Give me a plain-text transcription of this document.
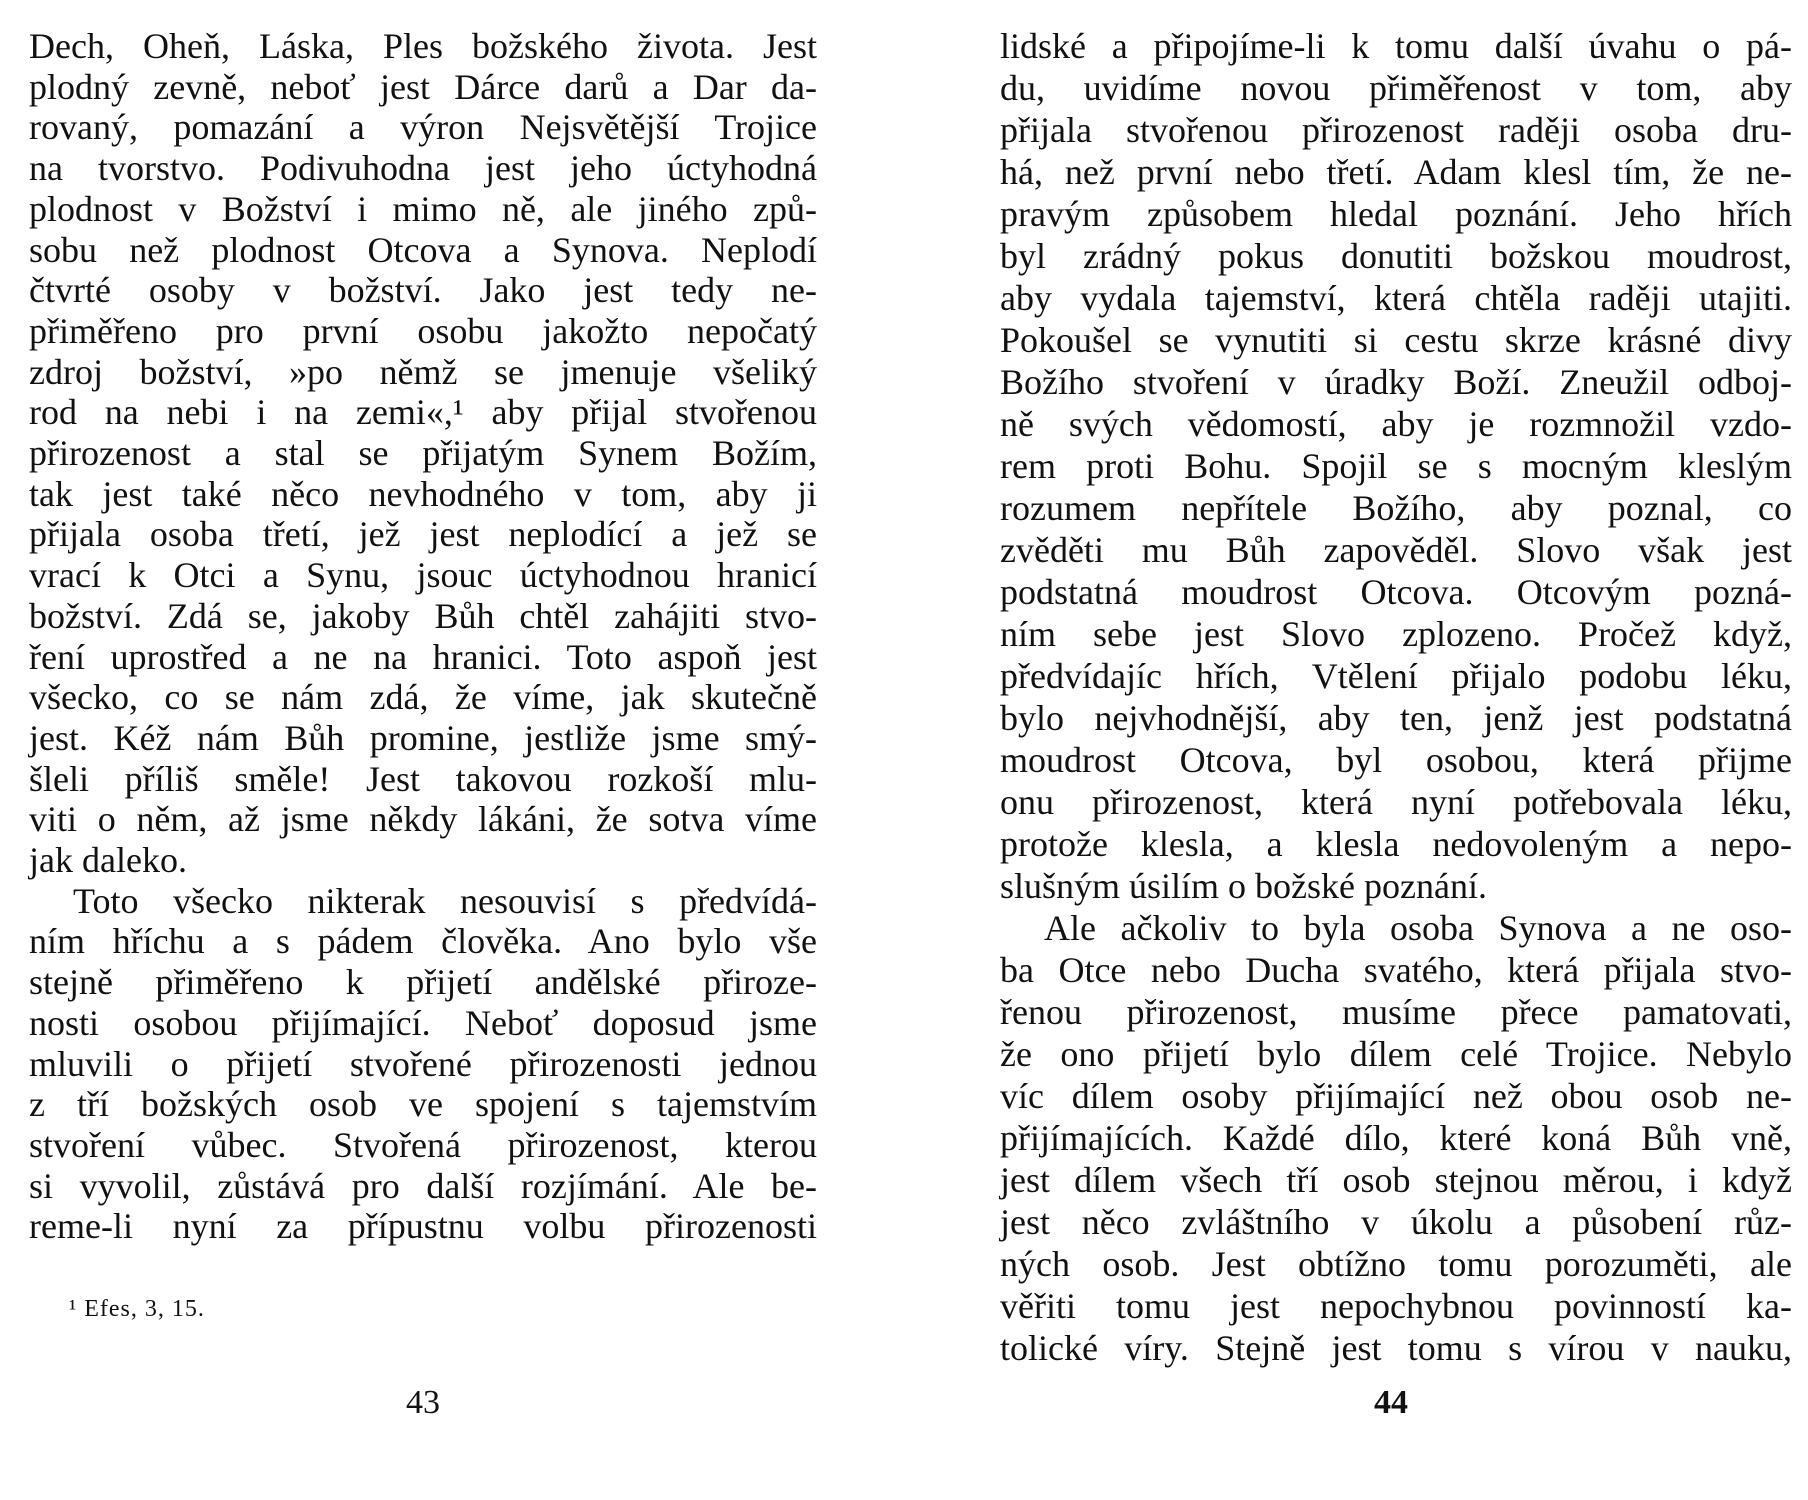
Dech, Oheň, Láska, Ples božského života. Jest
plodný zevně, neboť jest Dárce darů a Dar da-
rovaný, pomazání a výron Nejsvětější Trojice
na tvorstvo. Podivuhodna jest jeho úctyhodná
plodnost v Božství i mimo ně, ale jiného způ-
sobu než plodnost Otcova a Synova. Neplodí
čtvrté osoby v božství. Jako jest tedy ne-
přiměřeno pro první osobu jakožto nepočatý
zdroj božství, »po němž se jmenuje všeliký
rod na nebi i na zemi«,¹ aby přijal stvořenou
přirozenost a stal se přijatým Synem Božím,
tak jest také něco nevhodného v tom, aby ji
přijala osoba třetí, jež jest neplodící a jež se
vrací k Otci a Synu, jsouc úctyhodnou hranicí
božství. Zdá se, jakoby Bůh chtěl zahájiti stvo-
ření uprostřed a ne na hranici. Toto aspoň jest
všecko, co se nám zdá, že víme, jak skutečně
jest. Kéž nám Bůh promine, jestliže jsme smý-
šleli příliš směle! Jest takovou rozkoší mlu-
viti o něm, až jsme někdy lákáni, že sotva víme
jak daleko.
Toto všecko nikterak nesouvisí s předvídá-
ním hříchu a s pádem člověka. Ano bylo vše
stejně přiměřeno k přijetí andělské přiroze-
nosti osobou přijímající. Neboť doposud jsme
mluvili o přijetí stvořené přirozenosti jednou
z tří božských osob ve spojení s tajemstvím
stvoření vůbec. Stvořená přirozenost, kterou
si vyvolil, zůstává pro další rozjímání. Ale be-
reme-li nyní za přípustnu volbu přirozenosti
¹ Efes, 3, 15.
43
lidské a připojíme-li k tomu další úvahu o pá-
du, uvidíme novou přiměřenost v tom, aby
přijala stvořenou přirozenost raději osoba dru-
há, než první nebo třetí. Adam klesl tím, že ne-
pravým způsobem hledal poznání. Jeho hřích
byl zrádný pokus donutiti božskou moudrost,
aby vydala tajemství, která chtěla raději utajiti.
Pokoušel se vynutiti si cestu skrze krásné divy
Božího stvoření v úradky Boží. Zneužil odboj-
ně svých vědomostí, aby je rozmnožil vzdo-
rem proti Bohu. Spojil se s mocným kleslým
rozumem nepřítele Božího, aby poznal, co
zvěděti mu Bůh zapověděl. Slovo však jest
podstatná moudrost Otcova. Otcovým pozná-
ním sebe jest Slovo zplozeno. Pročež když,
předvídajíc hřích, Vtělení přijalo podobu léku,
bylo nejvhodnější, aby ten, jenž jest podstatná
moudrost Otcova, byl osobou, která přijme
onu přirozenost, která nyní potřebovala léku,
protože klesla, a klesla nedovoleným a nepo-
slušným úsilím o božské poznání.
Ale ačkoliv to byla osoba Synova a ne oso-
ba Otce nebo Ducha svatého, která přijala stvo-
řenou přirozenost, musíme přece pamatovati,
že ono přijetí bylo dílem celé Trojice. Nebylo
víc dílem osoby přijímající než obou osob ne-
přijímajících. Každé dílo, které koná Bůh vně,
jest dílem všech tří osob stejnou měrou, i když
jest něco zvláštního v úkolu a působení růz-
ných osob. Jest obtížno tomu porozuměti, ale
věřiti tomu jest nepochybnou povinností ka-
tolické víry. Stejně jest tomu s vírou v nauku,
44
